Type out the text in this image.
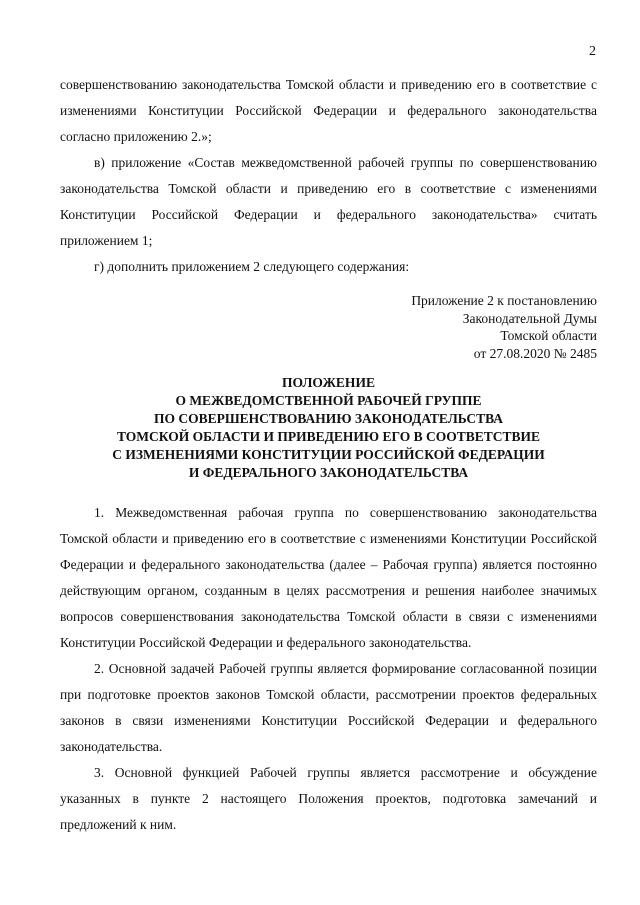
2

совершенствованию законодательства Томской области и приведению его в соответствие с изменениями Конституции Российской Федерации и федерального законодательства согласно приложению 2.»;

в) приложение «Состав межведомственной рабочей группы по совершенствованию законодательства Томской области и приведению его в соответствие с изменениями Конституции Российской Федерации и федерального законодательства» считать приложением 1;

г) дополнить приложением 2 следующего содержания:

Приложение 2 к постановлению
Законодательной Думы
Томской области
от 27.08.2020 № 2485
ПОЛОЖЕНИЕ
О МЕЖВЕДОМСТВЕННОЙ РАБОЧЕЙ ГРУППЕ
ПО СОВЕРШЕНСТВОВАНИЮ ЗАКОНОДАТЕЛЬСТВА
ТОМСКОЙ ОБЛАСТИ И ПРИВЕДЕНИЮ ЕГО В СООТВЕТСТВИЕ
С ИЗМЕНЕНИЯМИ КОНСТИТУЦИИ РОССИЙСКОЙ ФЕДЕРАЦИИ
И ФЕДЕРАЛЬНОГО ЗАКОНОДАТЕЛЬСТВА

1. Межведомственная рабочая группа по совершенствованию законодательства Томской области и приведению его в соответствие с изменениями Конституции Российской Федерации и федерального законодательства (далее – Рабочая группа) является постоянно действующим органом, созданным в целях рассмотрения и решения наиболее значимых вопросов совершенствования законодательства Томской области в связи с изменениями Конституции Российской Федерации и федерального законодательства.

2. Основной задачей Рабочей группы является формирование согласованной позиции при подготовке проектов законов Томской области, рассмотрении проектов федеральных законов в связи изменениями Конституции Российской Федерации и федерального законодательства.

3. Основной функцией Рабочей группы является рассмотрение и обсуждение указанных в пункте 2 настоящего Положения проектов, подготовка замечаний и предложений к ним.
